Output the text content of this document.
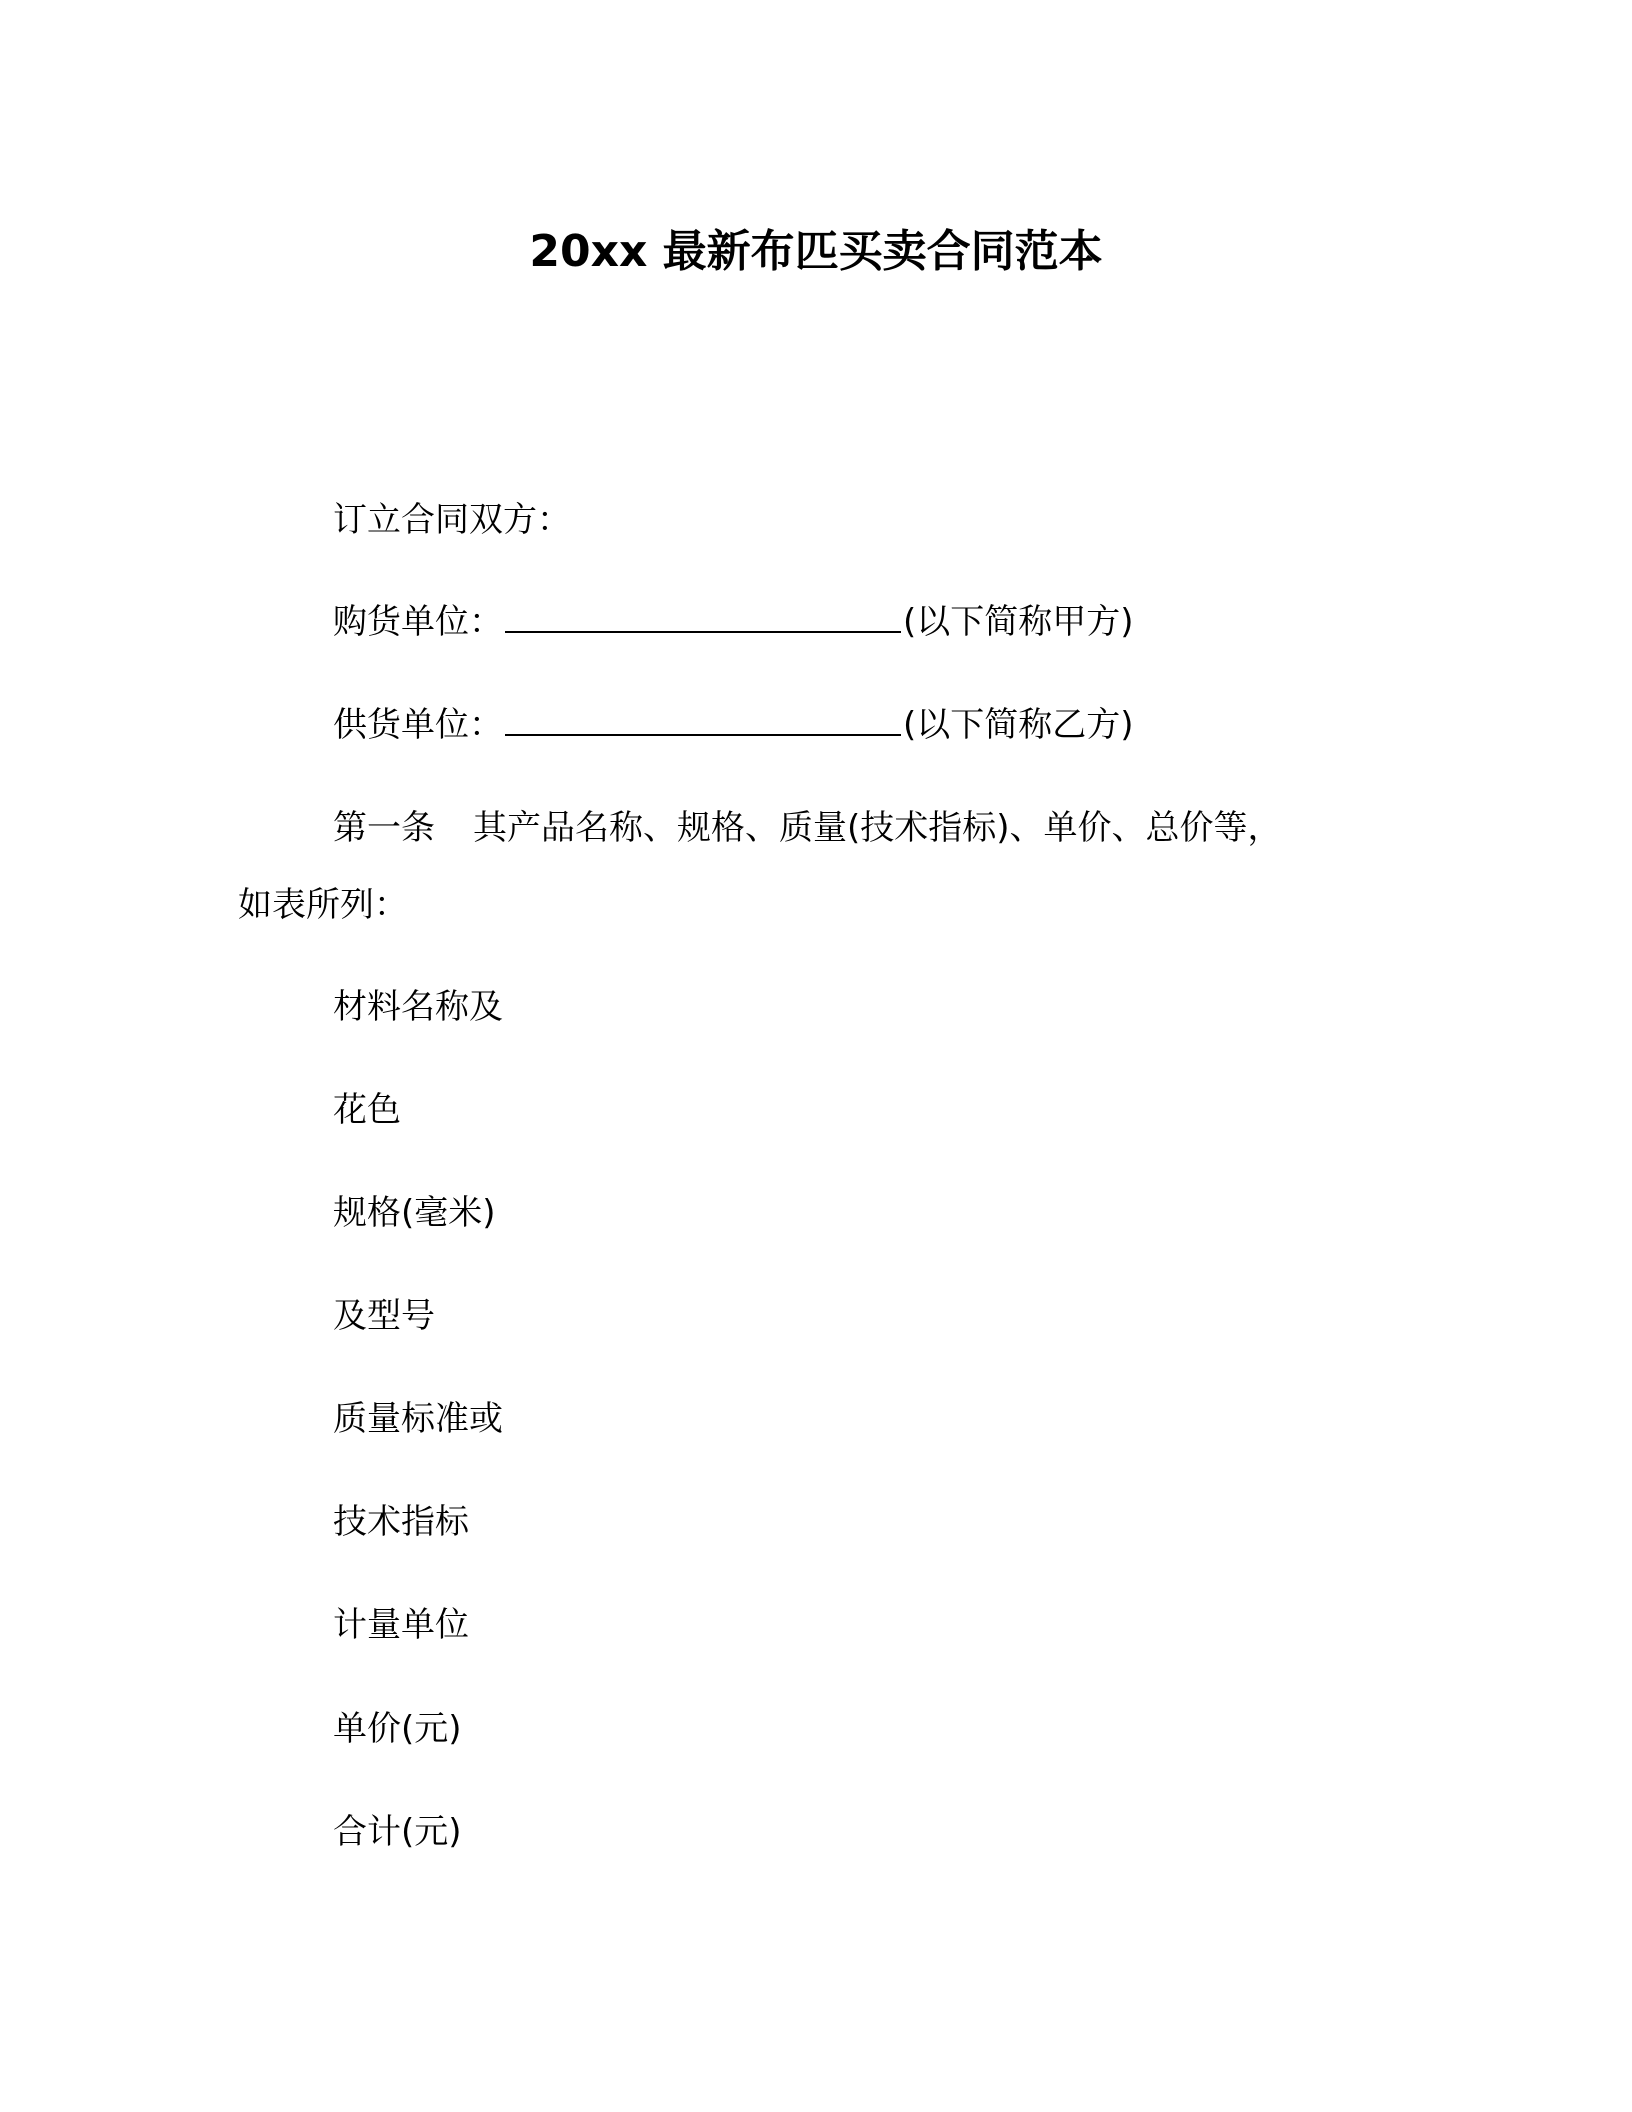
20xx 最新布匹买卖合同范本
订立合同双方：
购货单位：	(以下简称甲方)
供货单位：	(以下简称乙方)
第一条 其产品名称、规格、质量(技术指标)、单价、总价等，
如表所列：
材料名称及
花色
规格(毫米)
及型号
质量标准或
技术指标
计量单位
单价(元)
合计(元)
